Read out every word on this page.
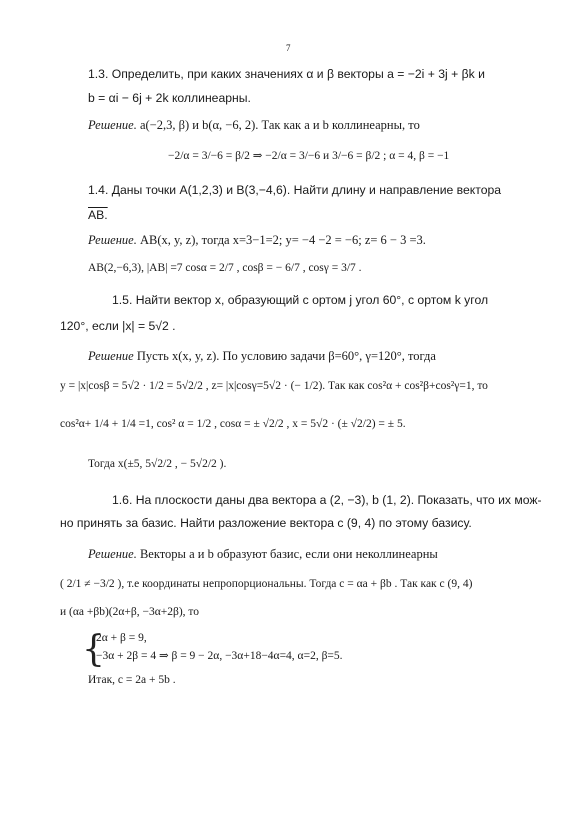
7
1.3. Определить, при каких значениях α и β векторы a = −2i + 3j + βk и
b = αi − 6j + 2k коллинеарны.
Решение. a(−2,3, β) и b(α, −6, 2). Так как a и b коллинеарны, то
−2/α = 3/−6 = β/2 ⇒ −2/α = 3/−6 и 3/−6 = β/2 ; α = 4, β = −1
1.4. Даны точки A(1,2,3) и B(3,−4,6). Найти длину и направление вектора
AB.
Решение. AB(x, y, z), тогда x=3−1=2; y= −4 −2 = −6; z= 6 − 3 =3.
AB(2,−6,3), |AB| =7 cosα = 2/7 , cosβ = − 6/7 , cosγ = 3/7 .
1.5. Найти вектор x, образующий с ортом j угол 60°, с ортом k угол
120°, если |x| = 5√2 .
Решение Пусть x(x, y, z). По условию задачи β=60°, γ=120°, тогда
y = |x|cosβ = 5√2 · 1/2 = 5√2/2 , z= |x|cosγ=5√2 · (− 1/2). Так как cos²α + cos²β+cos²γ=1, то
cos²α+ 1/4 + 1/4 =1, cos² α = 1/2 , cosα = ± √2/2 , x = 5√2 · (± √2/2) = ± 5.
Тогда x(±5, 5√2/2 , − 5√2/2 ).
1.6. На плоскости даны два вектора a (2, −3), b (1, 2). Показать, что их мож-
но принять за базис. Найти разложение вектора c (9, 4) по этому базису.
Решение. Векторы a и b образуют базис, если они неколлинеарны
( 2/1 ≠ −3/2 ), т.е координаты непропорциональны. Тогда c = αa + βb . Так как c (9, 4)
и (αa +βb)(2α+β, −3α+2β), то
{
2α + β = 9,
−3α + 2β = 4 ⇒ β = 9 − 2α, −3α+18−4α=4, α=2, β=5.
Итак, c = 2a + 5b .
